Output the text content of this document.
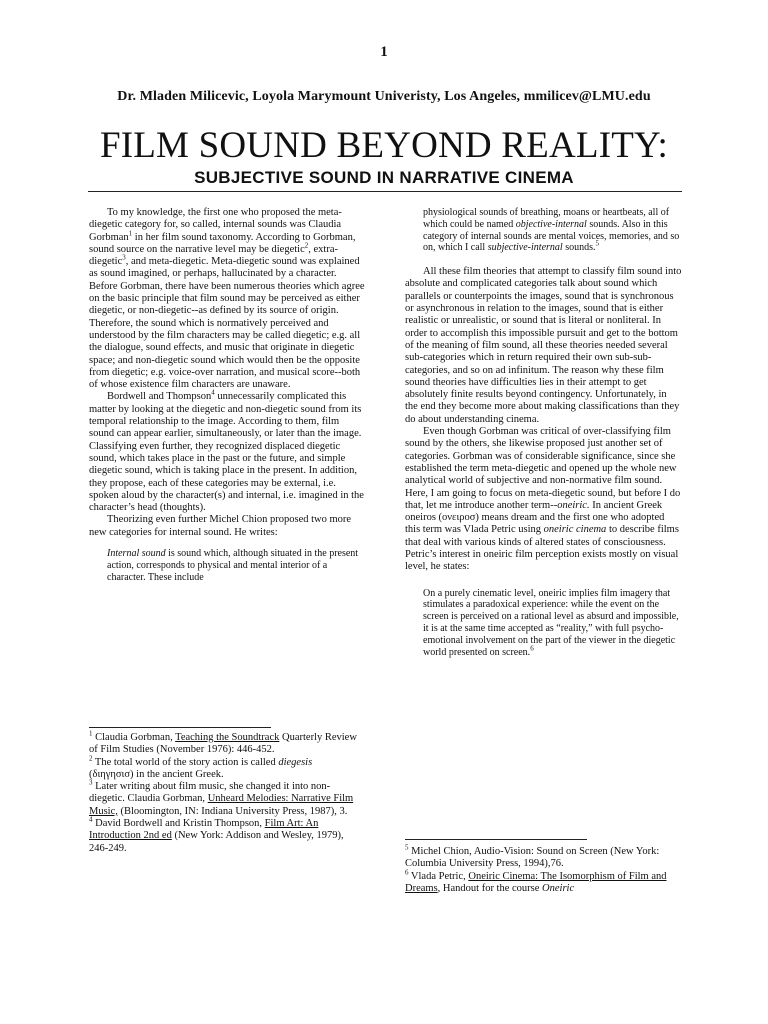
1
Dr. Mladen Milicevic, Loyola Marymount Univeristy, Los Angeles, mmilicev@LMU.edu
FILM SOUND BEYOND REALITY:
SUBJECTIVE SOUND IN NARRATIVE CINEMA

To my knowledge, the first one who proposed the meta-diegetic category for, so called, internal sounds was Claudia Gorbman$^1$ in her film sound taxonomy. According to Gorbman, sound source on the narrative level may be diegetic$^2$, extra-diegetic$^3$, and meta-diegetic. Meta-diegetic sound was explained as sound imagined, or perhaps, hallucinated by a character. Before Gorbman, there have been numerous theories which agree on the basic principle that film sound may be perceived as either diegetic, or non-diegetic--as defined by its source of origin. Therefore, the sound which is normatively perceived and understood by the film characters may be called diegetic; e.g. all the dialogue, sound effects, and music that originate in diegetic space; and non-diegetic sound which would then be the opposite from diegetic; e.g. voice-over narration, and musical score--both of whose existence film characters are unaware.

Bordwell and Thompson$^4$ unnecessarily complicated this matter by looking at the diegetic and non-diegetic sound from its temporal relationship to the image. According to them, film sound can appear earlier, simultaneously, or later than the image. Classifying even further, they recognized displaced diegetic sound, which takes place in the past or the future, and simple diegetic sound, which is taking place in the present. In addition, they propose, each of these categories may be external, i.e. spoken aloud by the character(s) and internal, i.e. imagined in the character’s head (thoughts).

Theorizing even further Michel Chion proposed two more new categories for internal sound. He writes:

Internal sound is sound which, although situated in the present action, corresponds to physical and mental interior of a character. These include

$^1$ Claudia Gorbman, Teaching the Soundtrack Quarterly Review of Film Studies (November 1976): 446-452.

$^2$ The total world of the story action is called diegesis (διηγησισ) in the ancient Greek.

$^3$ Later writing about film music, she changed it into non-diegetic. Claudia Gorbman, Unheard Melodies: Narrative Film Music, (Bloomington, IN: Indiana University Press, 1987), 3.

$^4$ David Bordwell and Kristin Thompson, Film Art: An Introduction 2nd ed (New York: Addison and Wesley, 1979), 246-249.

physiological sounds of breathing, moans or heartbeats, all of which could be named objective-internal sounds. Also in this category of internal sounds are mental voices, memories, and so on, which I call subjective-internal sounds.$^5$

All these film theories that attempt to classify film sound into absolute and complicated categories talk about sound which parallels or counterpoints the images, sound that is synchronous or asynchronous in relation to the images, sound that is either realistic or unrealistic, or sound that is literal or nonliteral. In order to accomplish this impossible pursuit and get to the bottom of the meaning of film sound, all these theories needed several sub-categories which in return required their own sub-sub-categories, and so on ad infinitum. The reason why these film sound theories have difficulties lies in their attempt to get absolutely finite results beyond contingency. Unfortunately, in the end they become more about making classifications than they do about understanding cinema.

Even though Gorbman was critical of over-classifying film sound by the others, she likewise proposed just another set of categories. Gorbman was of considerable significance, since she established the term meta-diegetic and opened up the whole new analytical world of subjective and non-normative film sound. Here, I am going to focus on meta-diegetic sound, but before I do that, let me introduce another term--oneiric. In ancient Greek oneiros (ονειροσ) means dream and the first one who adopted this term was Vlada Petric using oneiric cinema to describe films that deal with various kinds of altered states of consciousness. Petric’s interest in oneiric film perception exists mostly on visual level, he states:

On a purely cinematic level, oneiric implies film imagery that stimulates a paradoxical experience: while the event on the screen is perceived on a rational level as absurd and impossible, it is at the same time accepted as “reality,” with full psycho-emotional involvement on the part of the viewer in the diegetic world presented on screen.$^6$

$^5$ Michel Chion, Audio-Vision: Sound on Screen (New York: Columbia University Press, 1994),76.

$^6$ Vlada Petric, Oneiric Cinema: The Isomorphism of Film and Dreams, Handout for the course Oneiric
